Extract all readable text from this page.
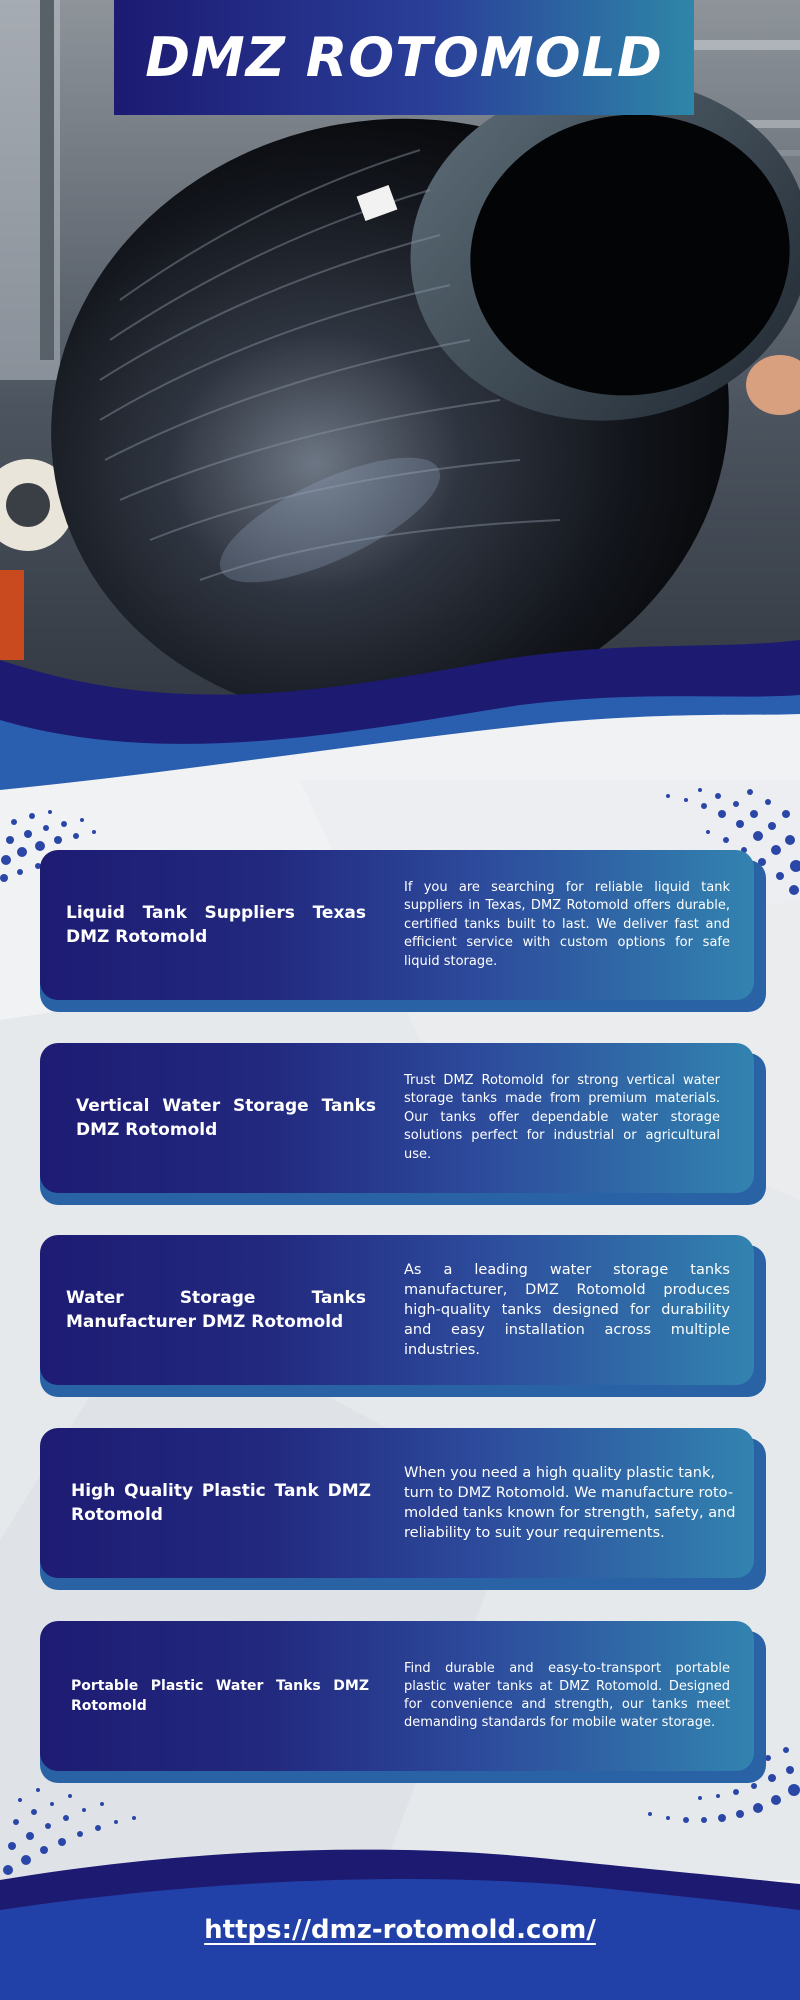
DMZ ROTOMOLD
Liquid Tank Suppliers Texas DMZ Rotomold
If you are searching for reliable liquid tank suppliers in Texas, DMZ Rotomold offers durable, certified tanks built to last. We deliver fast and efficient service with custom options for safe liquid storage.
Vertical Water Storage Tanks DMZ Rotomold
Trust DMZ Rotomold for strong vertical water storage tanks made from premium materials. Our tanks offer dependable water storage solutions perfect for industrial or agricultural use.
Water Storage Tanks Manufacturer DMZ Rotomold
As a leading water storage tanks manufacturer, DMZ Rotomold produces high-quality tanks designed for durability and easy installation across multiple industries.
High Quality Plastic Tank DMZ Rotomold
When you need a high quality plastic tank, turn to DMZ Rotomold. We manufacture roto-molded tanks known for strength, safety, and reliability to suit your requirements.
Portable Plastic Water Tanks DMZ Rotomold
Find durable and easy-to-transport portable plastic water tanks at DMZ Rotomold. Designed for convenience and strength, our tanks meet demanding standards for mobile water storage.
https://dmz-rotomold.com/
